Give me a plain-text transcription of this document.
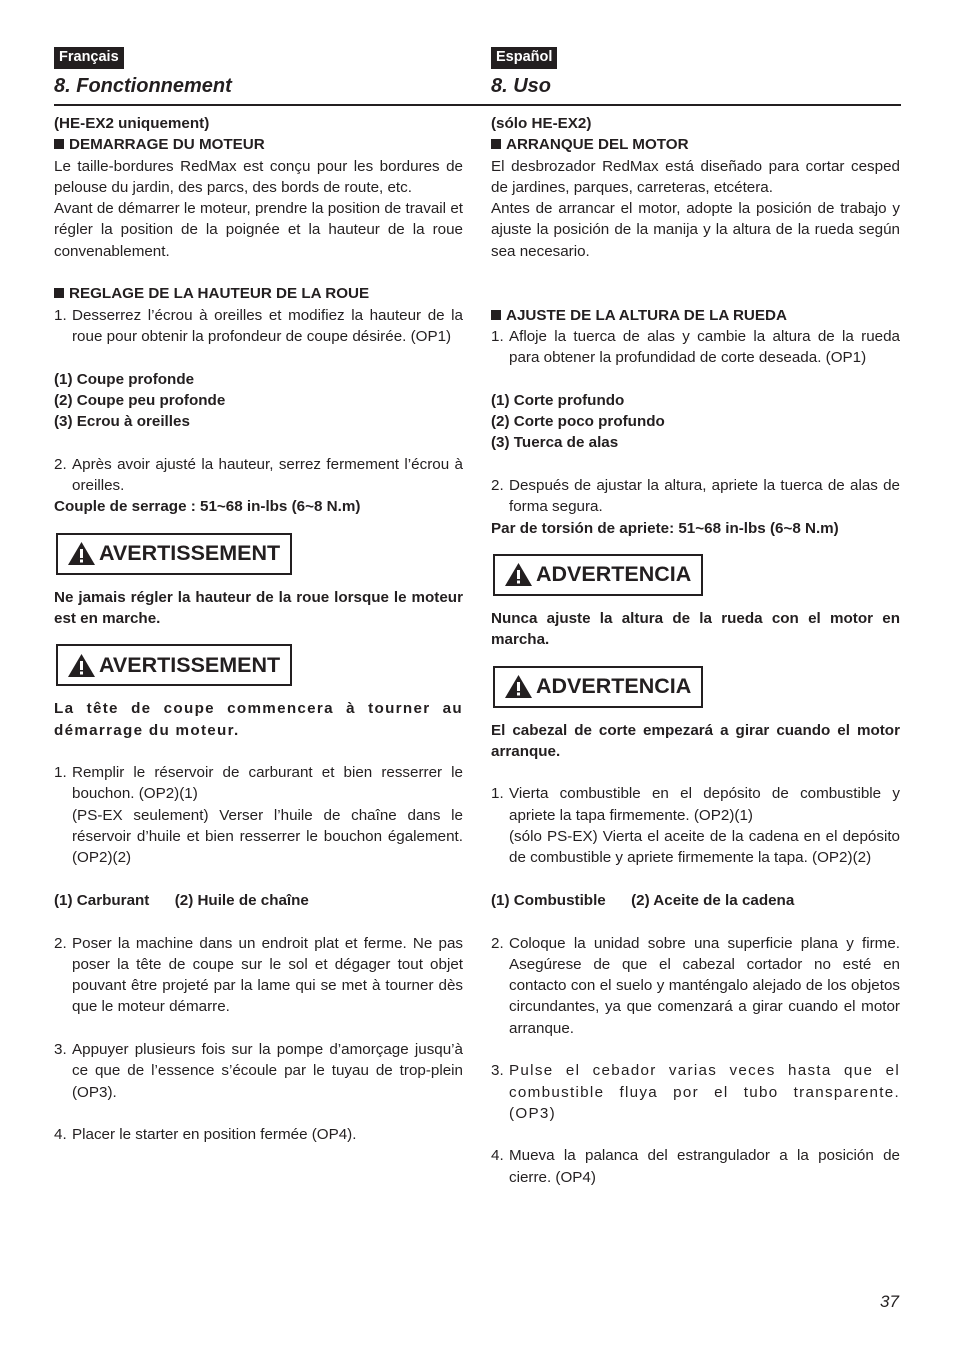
Français
8. Fonctionnement

(HE-EX2 uniquement)

DEMARRAGE DU MOTEUR

Le taille-bordures RedMax est conçu pour les bordures de pelouse du jardin, des parcs, des bords de route, etc.

Avant de démarrer le moteur, prendre la position de travail et régler la position de la poignée et la hauteur de la roue convenablement.

REGLAGE DE LA HAUTEUR DE LA ROUE

1. Desserrez l’écrou à oreilles et modifiez la hauteur de la roue pour obtenir la profondeur de coupe désirée. (OP1)

(1) Coupe profonde

(2) Coupe peu profonde

(3) Ecrou à oreilles

2. Après avoir ajusté la hauteur, serrez fermement l’écrou à oreilles.

Couple de serrage : 51~68 in-lbs (6~8 N.m)

AVERTISSEMENT

Ne jamais régler la hauteur de la roue lorsque le moteur est en marche.

AVERTISSEMENT

La tête de coupe commencera à tourner au démarrage du moteur.

1. Remplir le réservoir de carburant et bien resserrer le bouchon. (OP2)(1)
(PS-EX seulement) Verser l’huile de chaîne dans le réservoir d’huile et bien resserrer le bouchon également. (OP2)(2)

(1) Carburant (2) Huile de chaîne

2. Poser la machine dans un endroit plat et ferme. Ne pas poser la tête de coupe sur le sol et dégager tout objet pouvant être projeté par la lame qui se met à tourner dès que le moteur démarre.
3. Appuyer plusieurs fois sur la pompe d’amorçage jusqu’à ce que de l’essence s’écoule par le tuyau de trop-plein (OP3).
4. Placer le starter en position fermée (OP4).
Español
8. Uso

(sólo HE-EX2)

ARRANQUE DEL MOTOR

El desbrozador RedMax está diseñado para cortar cesped de jardines, parques, carreteras, etcétera.

Antes de arrancar el motor, adopte la posición de trabajo y ajuste la posición de la manija y la altura de la rueda según sea necesario.

AJUSTE DE LA ALTURA DE LA RUEDA

1. Afloje la tuerca de alas y cambie la altura de la rueda para obtener la profundidad de corte deseada. (OP1)

(1) Corte profundo

(2) Corte poco profundo

(3) Tuerca de alas

2. Después de ajustar la altura, apriete la tuerca de alas de forma segura.

Par de torsión de apriete: 51~68 in-lbs (6~8 N.m)

ADVERTENCIA

Nunca ajuste la altura de la rueda con el motor en marcha.

ADVERTENCIA

El cabezal de corte empezará a girar cuando el motor arranque.

1. Vierta combustible en el depósito de combustible y apriete la tapa firmemente. (OP2)(1)
(sólo PS-EX) Vierta el aceite de la cadena en el depósito de combustible y apriete firmemente la tapa. (OP2)(2)

(1) Combustible (2) Aceite de la cadena

2. Coloque la unidad sobre una superficie plana y firme. Asegúrese de que el cabezal cortador no esté en contacto con el suelo y manténgalo alejado de los objetos circundantes, ya que comenzará a girar cuando el motor arranque.
3. Pulse el cebador varias veces hasta que el combustible fluya por el tubo transparente. (OP3)
4. Mueva la palanca del estrangulador a la posición de cierre. (OP4)
37
